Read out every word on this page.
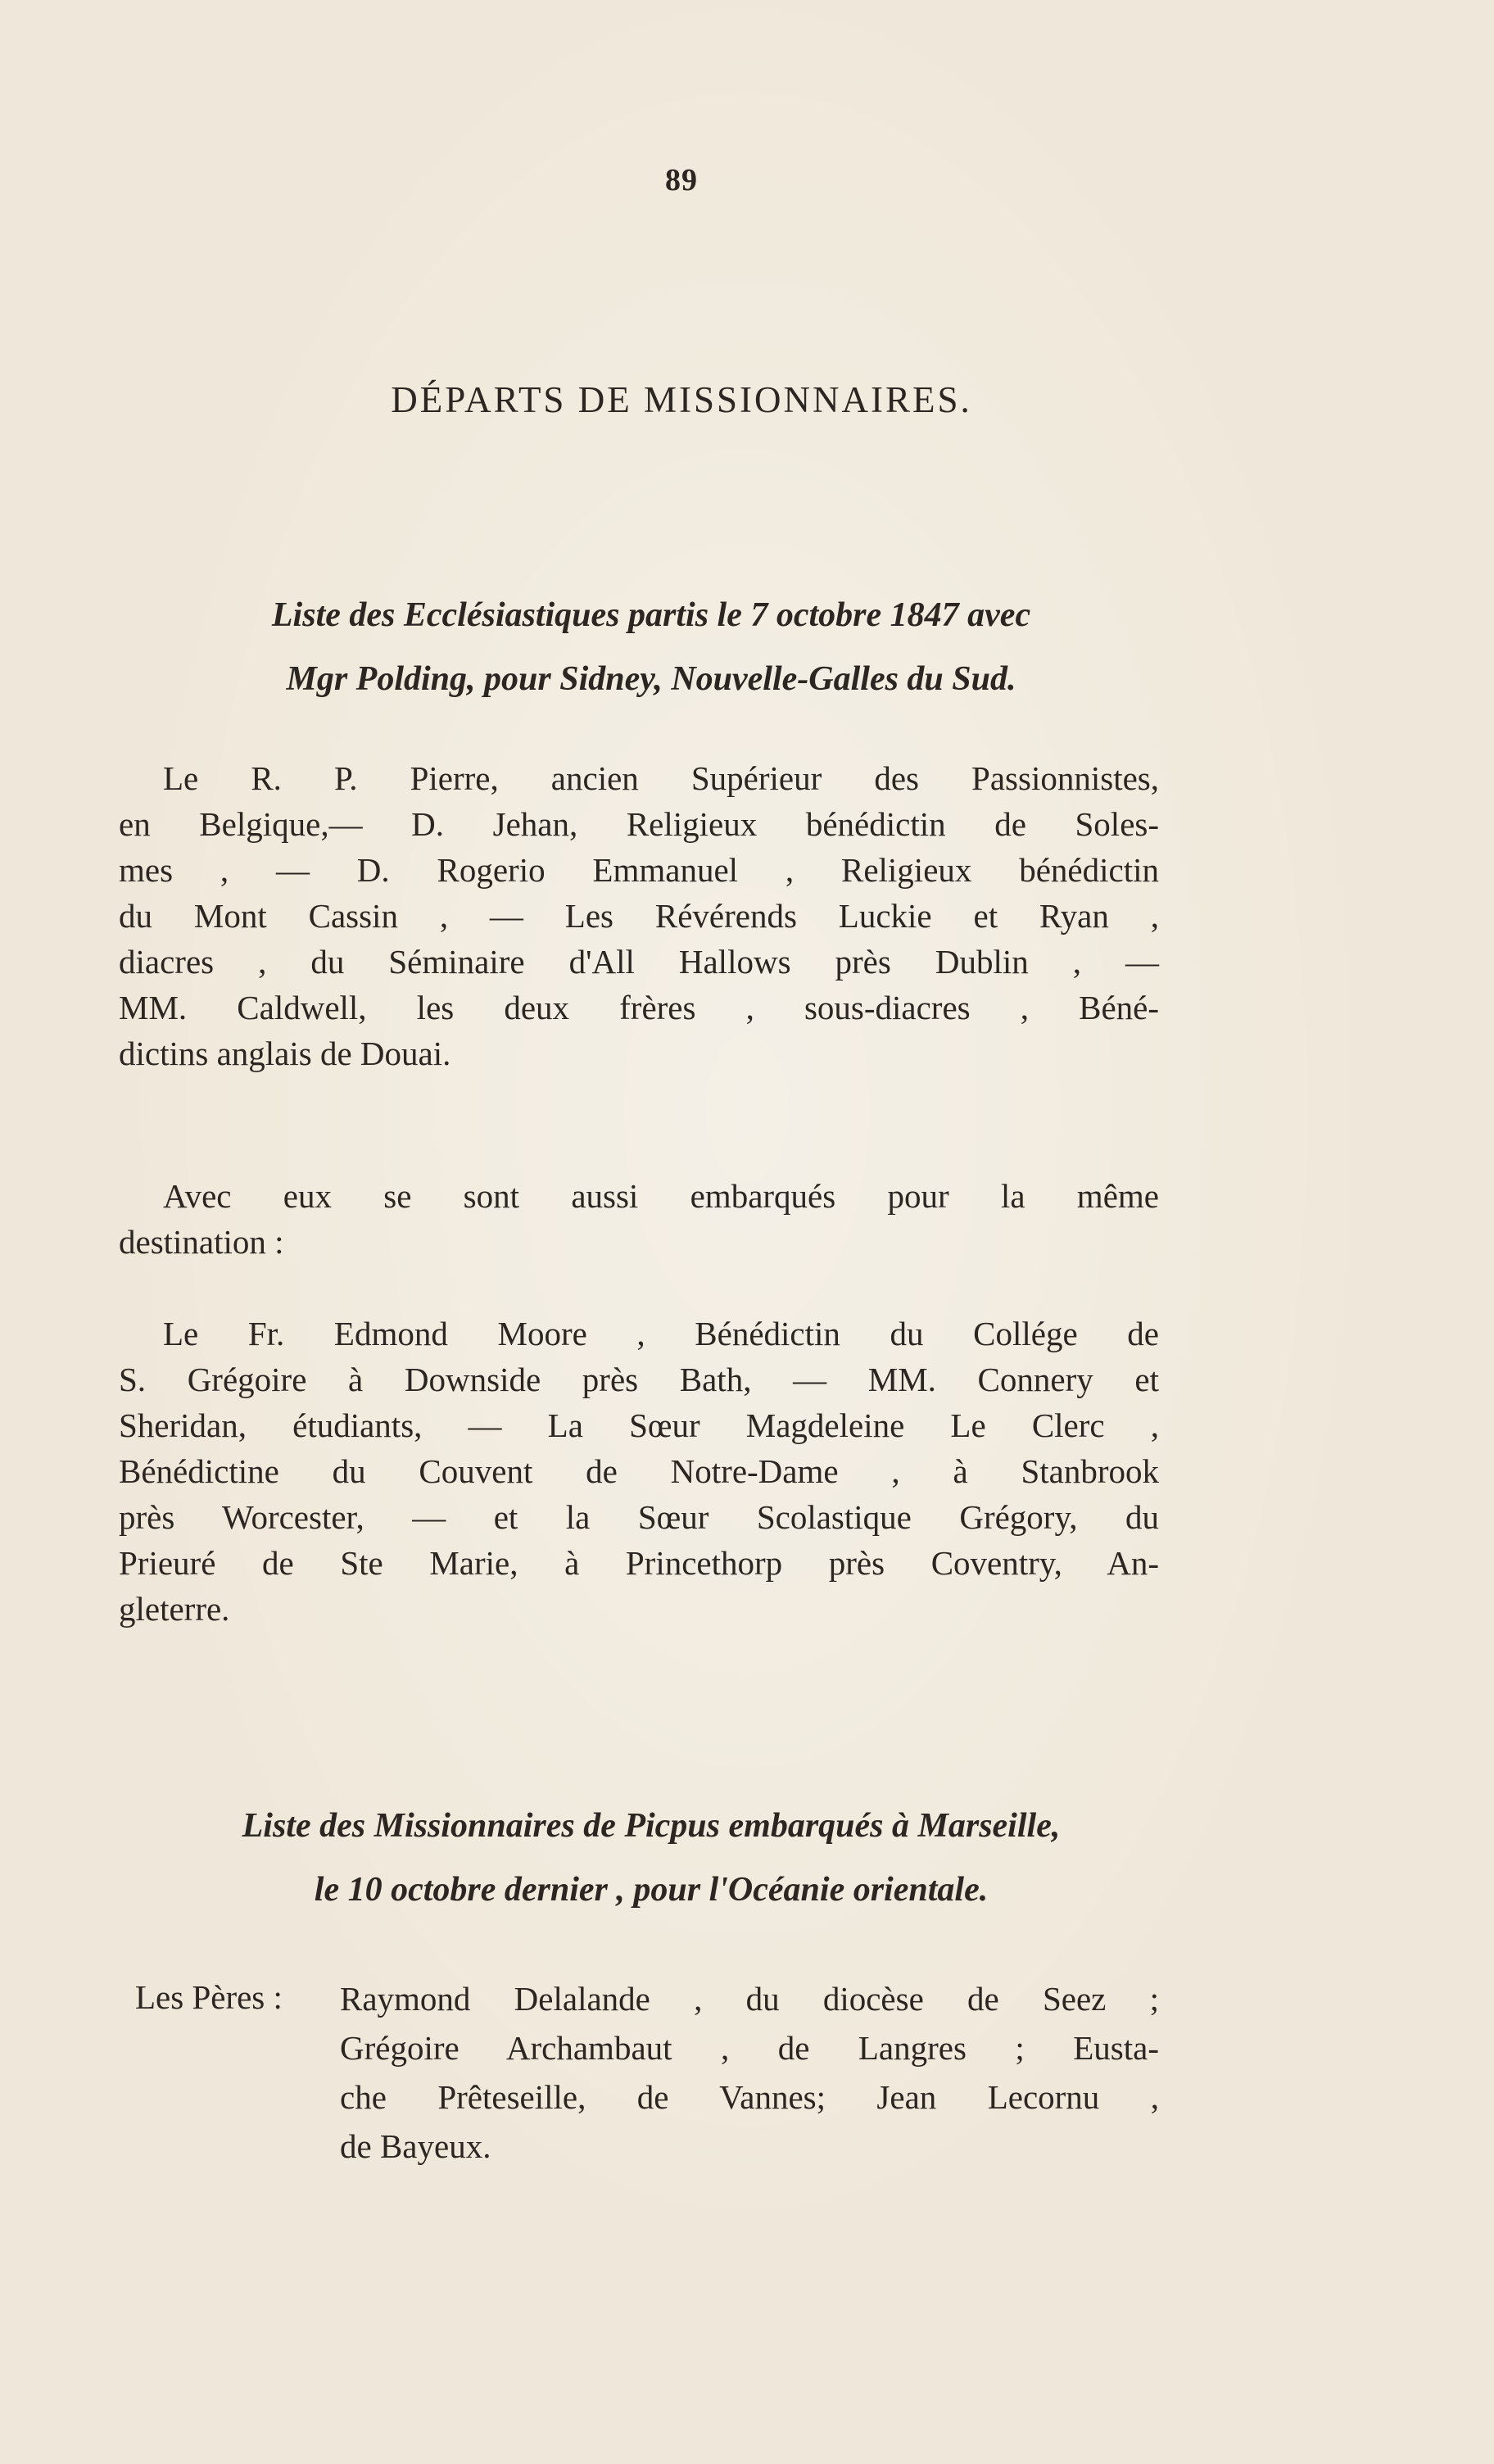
89
DÉPARTS DE MISSIONNAIRES.
Liste des Ecclésiastiques partis le 7 octobre 1847 avec
Mgr Polding, pour Sidney, Nouvelle-Galles du Sud.
Le R. P. Pierre, ancien Supérieur des Passionnistes,
en Belgique,— D. Jehan, Religieux bénédictin de Soles-
mes , — D. Rogerio Emmanuel , Religieux bénédictin
du Mont Cassin , — Les Révérends Luckie et Ryan ,
diacres , du Séminaire d'All Hallows près Dublin , —
MM. Caldwell, les deux frères , sous-diacres , Béné-
dictins anglais de Douai.
Avec eux se sont aussi embarqués pour la même
destination :
Le Fr. Edmond Moore , Bénédictin du Collége de
S. Grégoire à Downside près Bath, — MM. Connery et
Sheridan, étudiants, — La Sœur Magdeleine Le Clerc ,
Bénédictine du Couvent de Notre-Dame , à Stanbrook
près Worcester, — et la Sœur Scolastique Grégory, du
Prieuré de Ste Marie, à Princethorp près Coventry, An-
gleterre.
Liste des Missionnaires de Picpus embarqués à Marseille,
le 10 octobre dernier , pour l'Océanie orientale.
Les Pères : Raymond Delalande , du diocèse de Seez ;
Grégoire Archambaut , de Langres ; Eusta-
che Prêteseille, de Vannes; Jean Lecornu ,
de Bayeux.
